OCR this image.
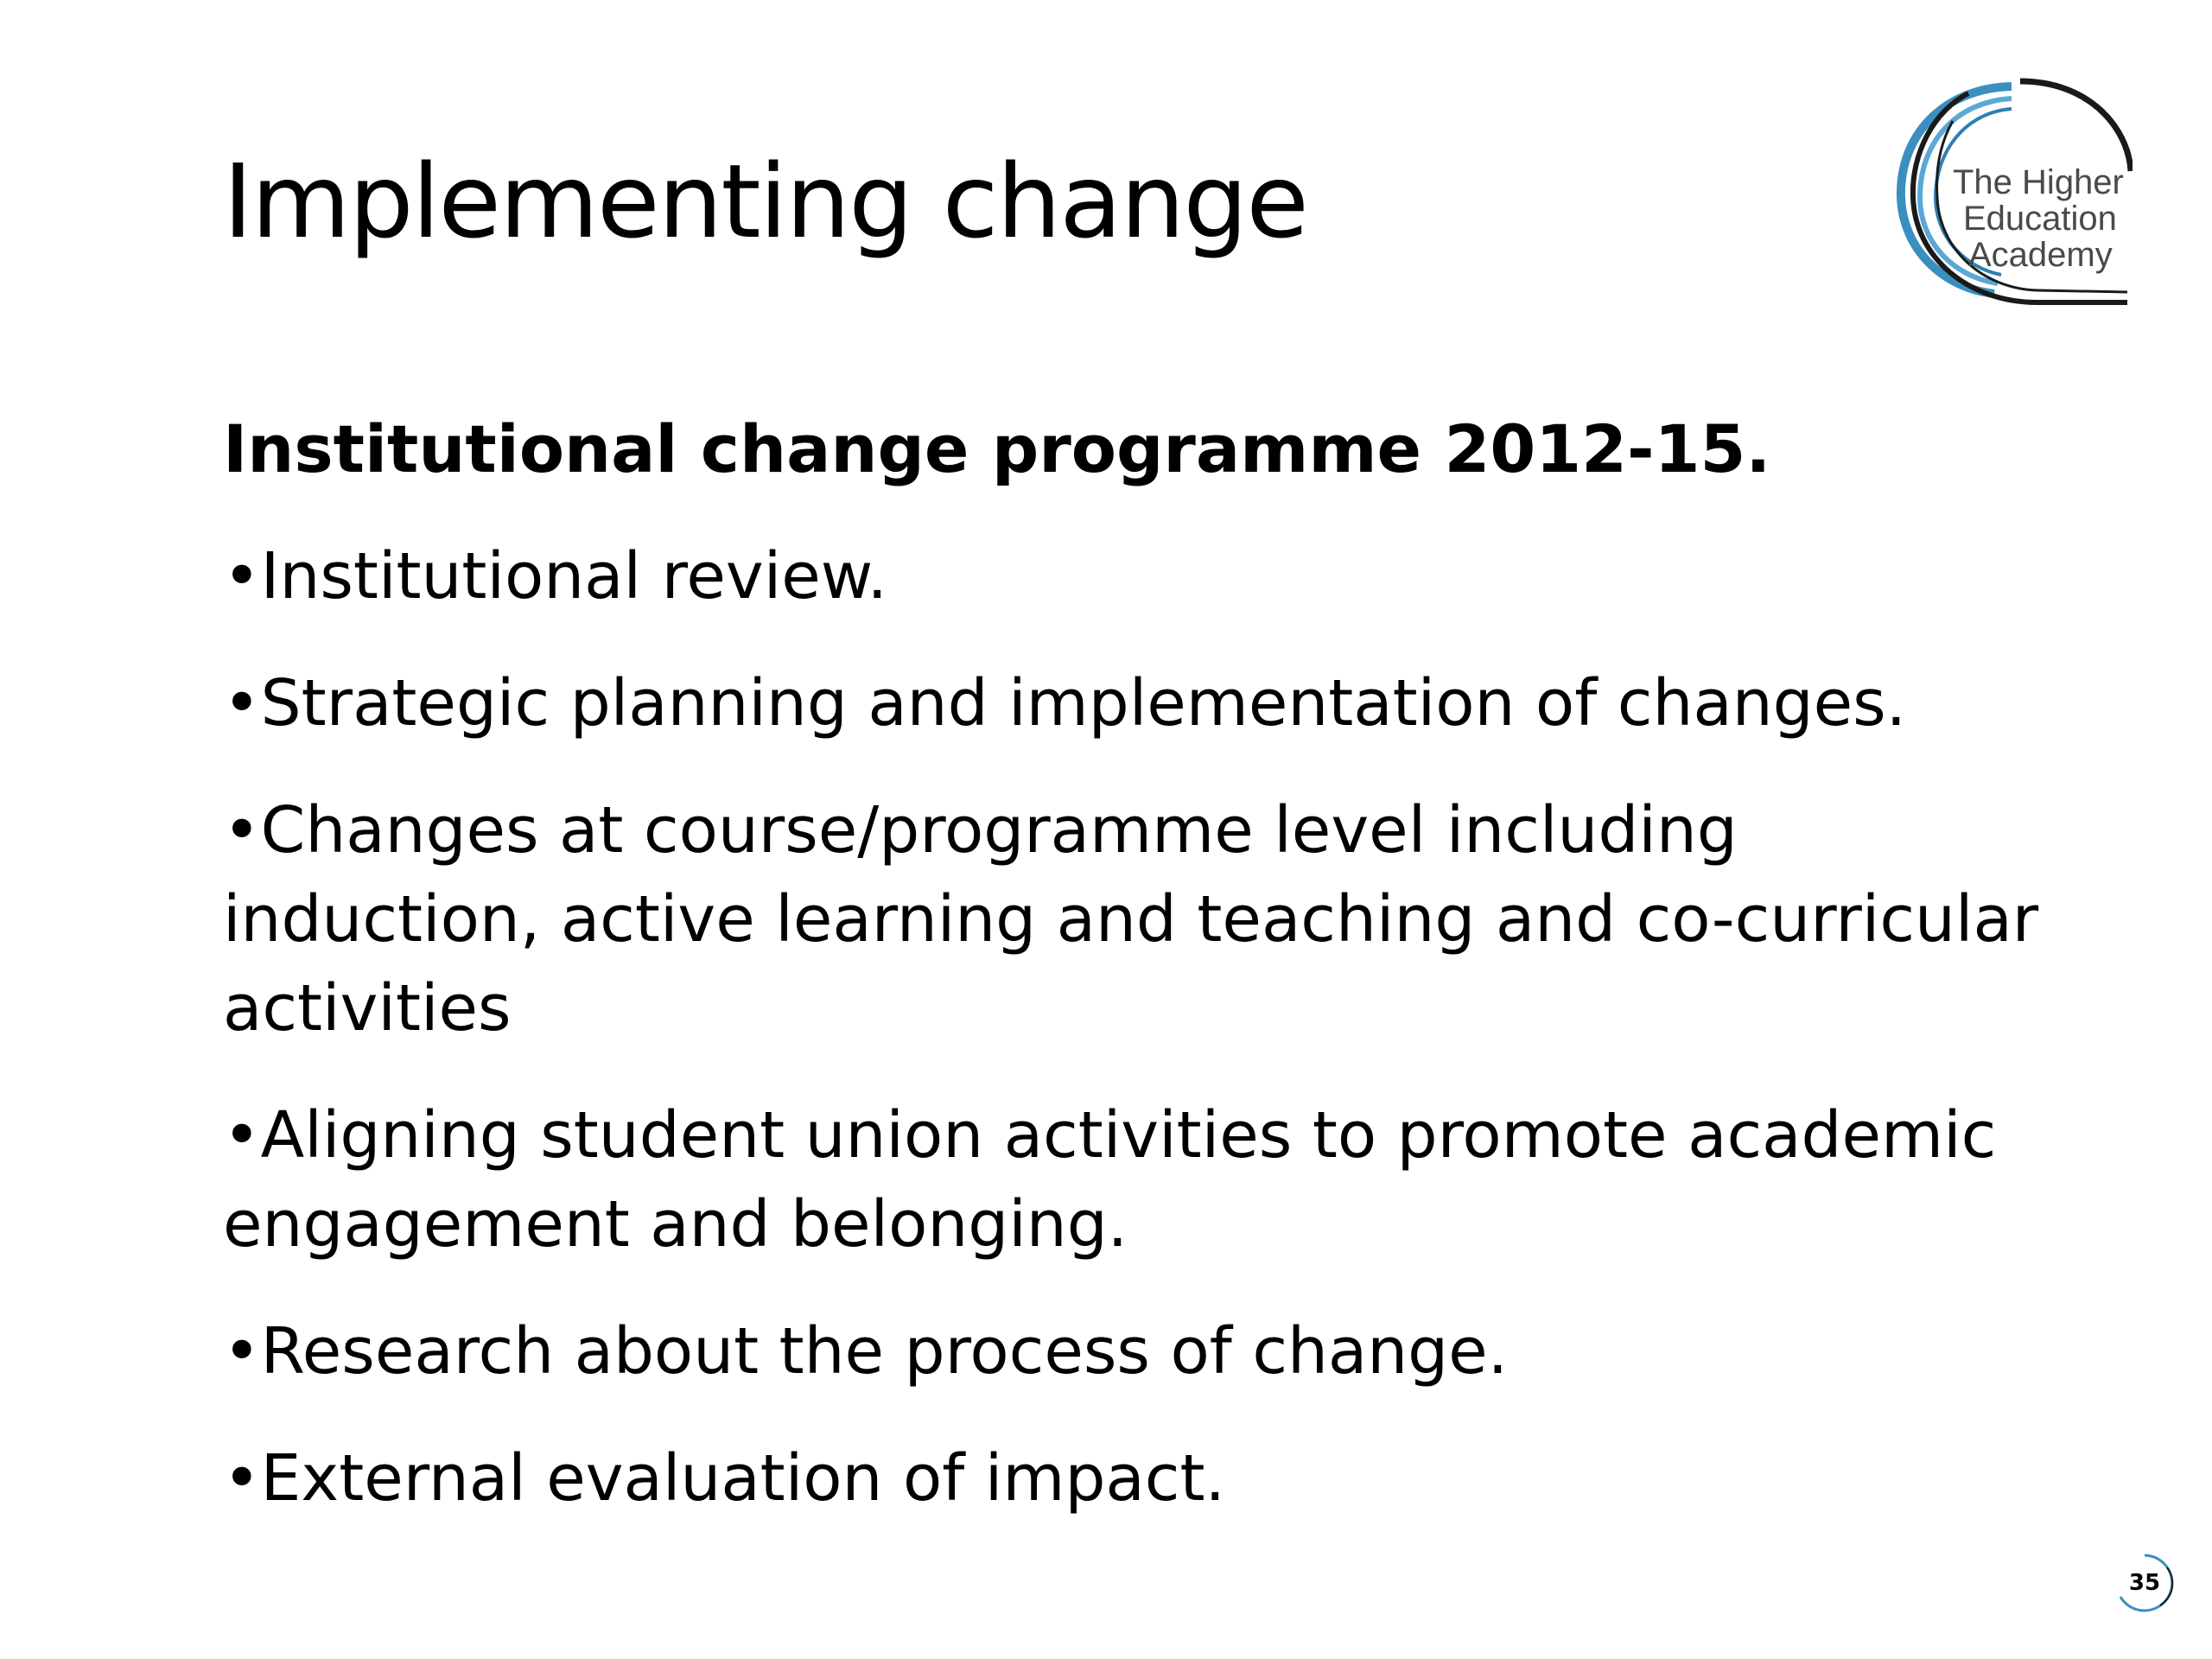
Implementing change	The Higher
Education
Academy
Institutional change programme 2012-15.
•Institutional review.
•Strategic planning and implementation of changes.
•Changes at course/programme level including induction, active learning and teaching and co-curricular activities
•Aligning student union activities to promote academic engagement and belonging.
•Research about the process of change.
•External evaluation of impact.
35
